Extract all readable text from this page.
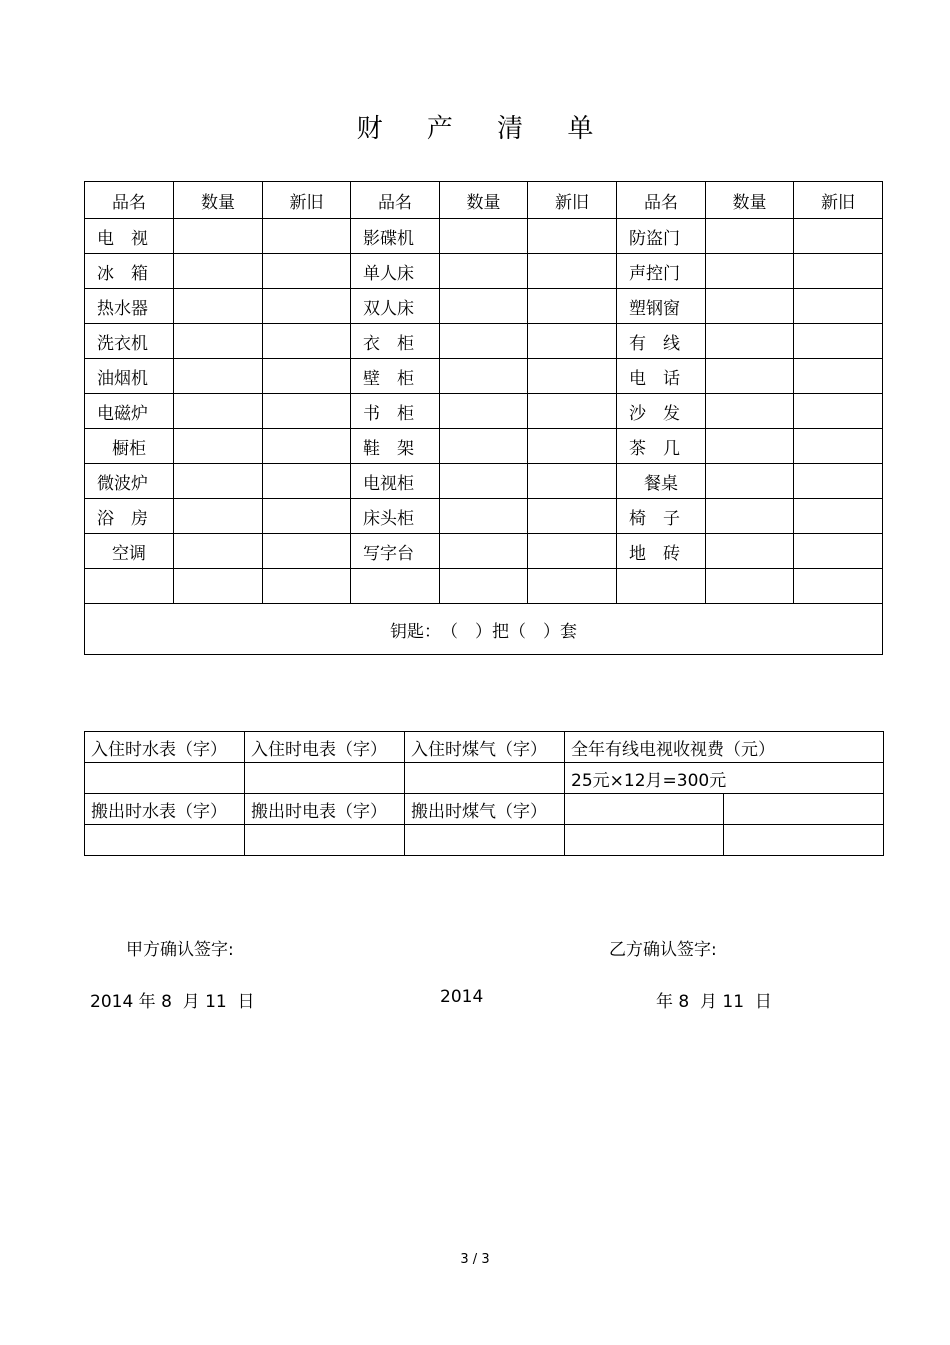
财 产 清 单
品名	数量	新旧	品名	数量	新旧	品名	数量	新旧
电　视			影碟机			防盗门		
冰　箱			单人床			声控门		
热水器			双人床			塑钢窗		
洗衣机			衣　柜			有　线		
油烟机			壁　柜			电　话		
电磁炉			书　柜			沙　发		
橱柜			鞋　架			茶　几		
微波炉			电视柜			餐桌		
浴　房			床头柜			椅　子		
空调			写字台			地　砖		

钥匙：　（　）把（　）套								
入住时水表（字）	入住时电表（字）	入住时煤气（字）	全年有线电视收视费（元）	
			25元×12月=300元	
搬出时水表（字）	搬出时电表（字）	搬出时煤气（字）		

甲方确认签字:	乙方确认签字:
2014 年 8  月 11  日	2014	年 8  月 11  日
3 / 3
